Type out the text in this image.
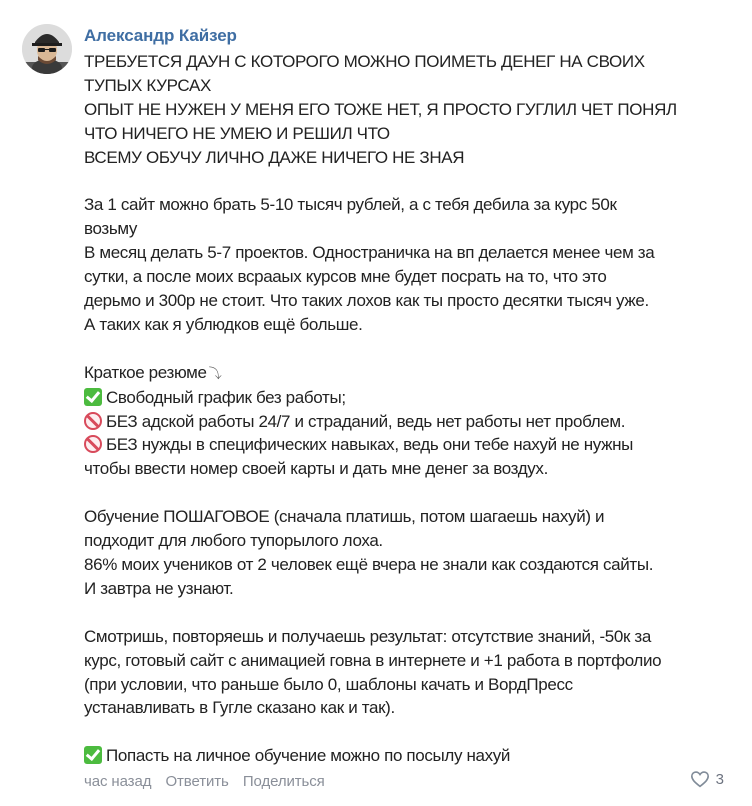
Александр Кайзер
ТРЕБУЕТСЯ ДАУН С КОТОРОГО МОЖНО ПОИМЕТЬ ДЕНЕГ НА СВОИХ
ТУПЫХ КУРСАХ
ОПЫТ НЕ НУЖЕН У МЕНЯ ЕГО ТОЖЕ НЕТ, Я ПРОСТО ГУГЛИЛ ЧЕТ ПОНЯЛ
ЧТО НИЧЕГО НЕ УМЕЮ И РЕШИЛ ЧТО
ВСЕМУ ОБУЧУ ЛИЧНО ДАЖЕ НИЧЕГО НЕ ЗНАЯ
За 1 сайт можно брать 5-10 тысяч рублей, а с тебя дебила за курс 50к
возьму
В месяц делать 5-7 проектов. Одностраничка на вп делается менее чем за
сутки, а после моих всрааых курсов мне будет посрать на то, что это
дерьмо и 300р не стоит. Что таких лохов как ты просто десятки тысяч уже.
А таких как я ублюдков ещё больше.
Краткое резюме ⤵
Свободный график без работы;
БЕЗ адской работы 24/7 и страданий, ведь нет работы нет проблем.
БЕЗ нужды в специфических навыках, ведь они тебе нахуй не нужны
чтобы ввести номер своей карты и дать мне денег за воздух.
Обучение ПОШАГОВОЕ (сначала платишь, потом шагаешь нахуй) и
подходит для любого тупорылого лоха.
86% моих учеников от 2 человек ещё вчера не знали как создаются сайты.
И завтра не узнают.
Смотришь, повторяешь и получаешь результат: отсутствие знаний, -50к за
курс, готовый сайт с анимацией говна в интернете и +1 работа в портфолио
(при условии, что раньше было 0, шаблоны качать и ВордПресс
устанавливать в Гугле сказано как и так).
Попасть на личное обучение можно по посылу нахуй
час назад Ответить Поделиться	3
